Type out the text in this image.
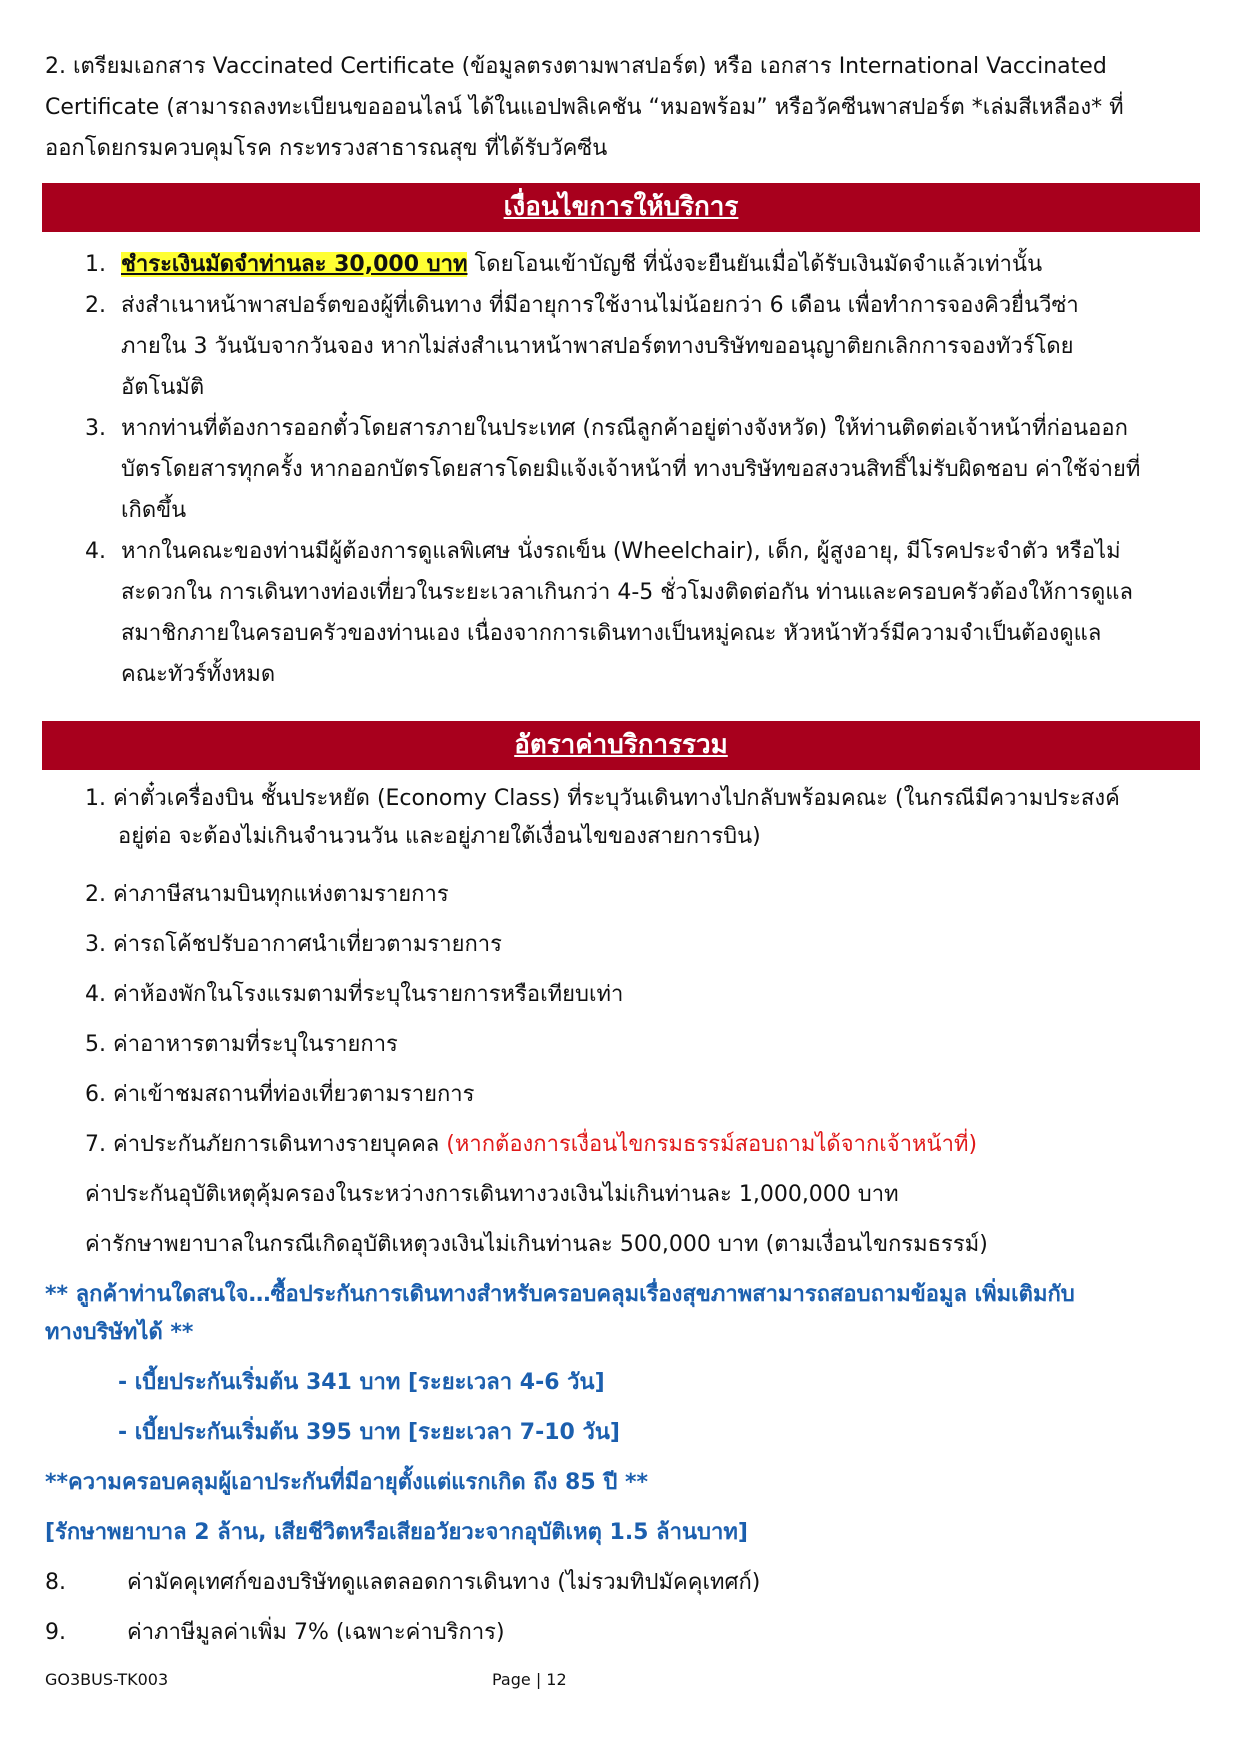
2. เตรียมเอกสาร Vaccinated Certificate (ข้อมูลตรงตามพาสปอร์ต) หรือ เอกสาร International Vaccinated
Certificate (สามารถลงทะเบียนขอออนไลน์ ได้ในแอปพลิเคชัน “หมอพร้อม” หรือวัคซีนพาสปอร์ต *เล่มสีเหลือง* ที่
ออกโดยกรมควบคุมโรค กระทรวงสาธารณสุข ที่ได้รับวัคซีน
เงื่อนไขการให้บริการ
1. ชำระเงินมัดจำท่านละ 30,000 บาท โดยโอนเข้าบัญชี ที่นั่งจะยืนยันเมื่อได้รับเงินมัดจำแล้วเท่านั้น
2. ส่งสำเนาหน้าพาสปอร์ตของผู้ที่เดินทาง ที่มีอายุการใช้งานไม่น้อยกว่า 6 เดือน เพื่อทำการจองคิวยื่นวีซ่า
ภายใน 3 วันนับจากวันจอง หากไม่ส่งสำเนาหน้าพาสปอร์ตทางบริษัทขออนุญาติยกเลิกการจองทัวร์โดย
อัตโนมัติ
3. หากท่านที่ต้องการออกตั๋วโดยสารภายในประเทศ (กรณีลูกค้าอยู่ต่างจังหวัด) ให้ท่านติดต่อเจ้าหน้าที่ก่อนออก
บัตรโดยสารทุกครั้ง หากออกบัตรโดยสารโดยมิแจ้งเจ้าหน้าที่ ทางบริษัทขอสงวนสิทธิ์ไม่รับผิดชอบ ค่าใช้จ่ายที่
เกิดขึ้น
4. หากในคณะของท่านมีผู้ต้องการดูแลพิเศษ นั่งรถเข็น (Wheelchair), เด็ก, ผู้สูงอายุ, มีโรคประจำตัว หรือไม่
สะดวกใน การเดินทางท่องเที่ยวในระยะเวลาเกินกว่า 4-5 ชั่วโมงติดต่อกัน ท่านและครอบครัวต้องให้การดูแล
สมาชิกภายในครอบครัวของท่านเอง เนื่องจากการเดินทางเป็นหมู่คณะ หัวหน้าทัวร์มีความจำเป็นต้องดูแล
คณะทัวร์ทั้งหมด
อัตราค่าบริการรวม
1. ค่าตั๋วเครื่องบิน ชั้นประหยัด (Economy Class) ที่ระบุวันเดินทางไปกลับพร้อมคณะ (ในกรณีมีความประสงค์
อยู่ต่อ จะต้องไม่เกินจำนวนวัน และอยู่ภายใต้เงื่อนไขของสายการบิน)
2. ค่าภาษีสนามบินทุกแห่งตามรายการ
3. ค่ารถโค้ชปรับอากาศนำเที่ยวตามรายการ
4. ค่าห้องพักในโรงแรมตามที่ระบุในรายการหรือเทียบเท่า
5. ค่าอาหารตามที่ระบุในรายการ
6. ค่าเข้าชมสถานที่ท่องเที่ยวตามรายการ
7. ค่าประกันภัยการเดินทางรายบุคคล (หากต้องการเงื่อนไขกรมธรรม์สอบถามได้จากเจ้าหน้าที่)
ค่าประกันอุบัติเหตุคุ้มครองในระหว่างการเดินทางวงเงินไม่เกินท่านละ 1,000,000 บาท
ค่ารักษาพยาบาลในกรณีเกิดอุบัติเหตุวงเงินไม่เกินท่านละ 500,000 บาท (ตามเงื่อนไขกรมธรรม์)
** ลูกค้าท่านใดสนใจ…ซื้อประกันการเดินทางสำหรับครอบคลุมเรื่องสุขภาพสามารถสอบถามข้อมูล เพิ่มเติมกับ
ทางบริษัทได้ **
- เบี้ยประกันเริ่มต้น 341 บาท [ระยะเวลา 4-6 วัน]
- เบี้ยประกันเริ่มต้น 395 บาท [ระยะเวลา 7-10 วัน]
**ความครอบคลุมผู้เอาประกันที่มีอายุตั้งแต่แรกเกิด ถึง 85 ปี **
[รักษาพยาบาล 2 ล้าน, เสียชีวิตหรือเสียอวัยวะจากอุบัติเหตุ 1.5 ล้านบาท]
8.	ค่ามัคคุเทศก์ของบริษัทดูแลตลอดการเดินทาง (ไม่รวมทิปมัคคุเทศก์)
9.	ค่าภาษีมูลค่าเพิ่ม 7% (เฉพาะค่าบริการ)
GO3BUS-TK003	Page | 12
